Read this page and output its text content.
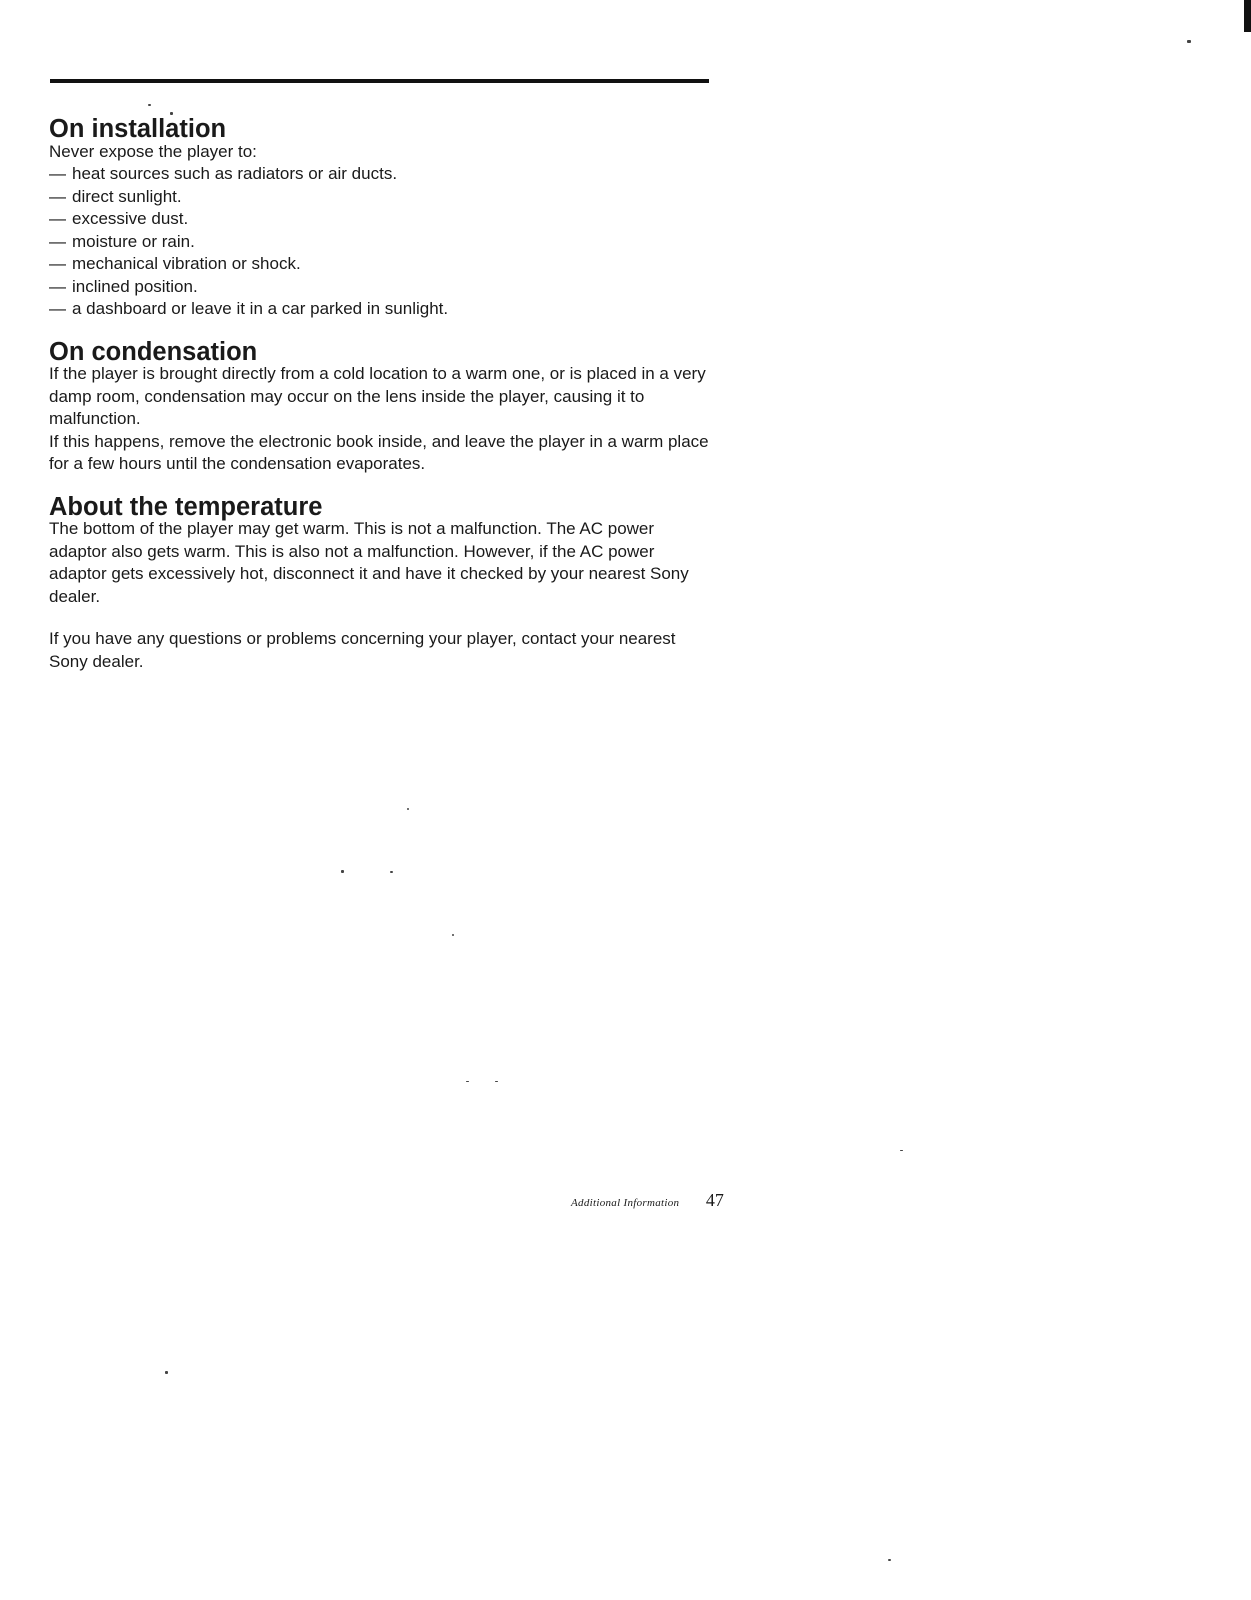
On installation

Never expose the player to:

— heat sources such as radiators or air ducts.
— direct sunlight.
— excessive dust.
— moisture or rain.
— mechanical vibration or shock.
— inclined position.
— a dashboard or leave it in a car parked in sunlight.
On condensation

If the player is brought directly from a cold location to a warm one, or is placed in a very damp room, condensation may occur on the lens inside the player, causing it to malfunction.

If this happens, remove the electronic book inside, and leave the player in a warm place for a few hours until the condensation evaporates.

About the temperature

The bottom of the player may get warm. This is not a malfunction. The AC power adaptor also gets warm. This is also not a malfunction. However, if the AC power adaptor gets excessively hot, disconnect it and have it checked by your nearest Sony dealer.

If you have any questions or problems concerning your player, contact your nearest Sony dealer.

Additional Information 47
